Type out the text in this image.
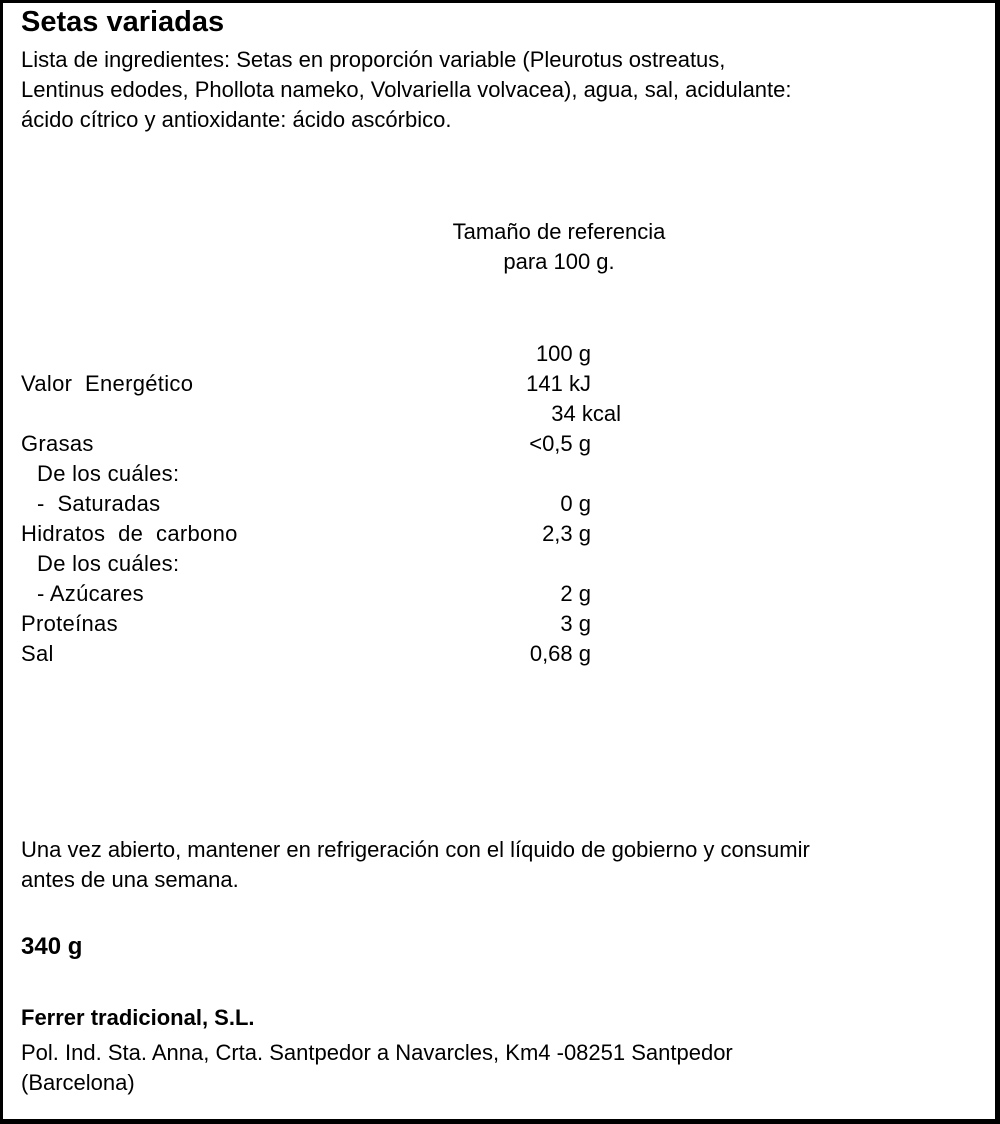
Setas variadas
Lista de ingredientes: Setas en proporción variable (Pleurotus ostreatus,
Lentinus edodes, Phollota nameko, Volvariella volvacea), agua, sal, acidulante:
ácido cítrico y antioxidante: ácido ascórbico.
Tamaño de referencia
para 100 g.
100 g
Valor  Energético	141 kJ
34 kcal
Grasas	<0,5 g
De los cuáles:
-  Saturadas	0 g
Hidratos  de  carbono	2,3 g
De los cuáles:
- Azúcares	2 g
Proteínas	3 g
Sal	0,68 g
Una vez abierto, mantener en refrigeración con el líquido de gobierno y consumir
antes de una semana.
340 g
Ferrer tradicional, S.L.
Pol. Ind. Sta. Anna, Crta. Santpedor a Navarcles, Km4 -08251 Santpedor
(Barcelona)
